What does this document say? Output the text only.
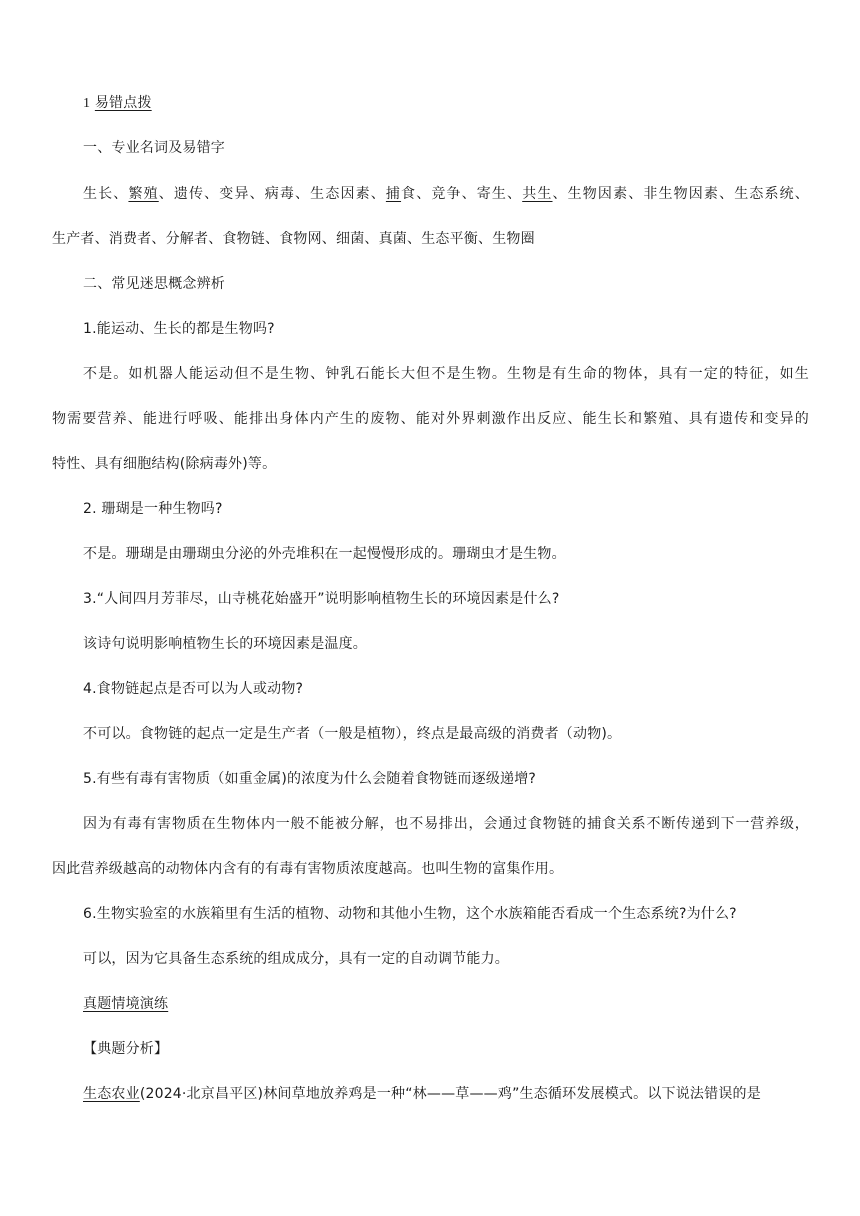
1 易错点拨
一、专业名词及易错字
生长、繁殖、遗传、变异、病毒、生态因素、捕食、竞争、寄生、共生、生物因素、非生物因素、生态系统、
生产者、消费者、分解者、食物链、食物网、细菌、真菌、生态平衡、生物圈
二、常见迷思概念辨析
1.能运动、生长的都是生物吗?
不是。如机器人能运动但不是生物、钟乳石能长大但不是生物。生物是有生命的物体，具有一定的特征，如生
物需要营养、能进行呼吸、能排出身体内产生的废物、能对外界刺激作出反应、能生长和繁殖、具有遗传和变异的
特性、具有细胞结构(除病毒外)等。
2. 珊瑚是一种生物吗?
不是。珊瑚是由珊瑚虫分泌的外壳堆积在一起慢慢形成的。珊瑚虫才是生物。
3.“人间四月芳菲尽，山寺桃花始盛开”说明影响植物生长的环境因素是什么?
该诗句说明影响植物生长的环境因素是温度。
4.食物链起点是否可以为人或动物?
不可以。食物链的起点一定是生产者（一般是植物），终点是最高级的消费者（动物)。
5.有些有毒有害物质（如重金属)的浓度为什么会随着食物链而逐级递增?
因为有毒有害物质在生物体内一般不能被分解，也不易排出，会通过食物链的捕食关系不断传递到下一营养级，
因此营养级越高的动物体内含有的有毒有害物质浓度越高。也叫生物的富集作用。
6.生物实验室的水族箱里有生活的植物、动物和其他小生物，这个水族箱能否看成一个生态系统?为什么?
可以，因为它具备生态系统的组成成分，具有一定的自动调节能力。
真题情境演练
【典题分析】
生态农业(2024·北京昌平区)林间草地放养鸡是一种“林——草——鸡”生态循环发展模式。以下说法错误的是
